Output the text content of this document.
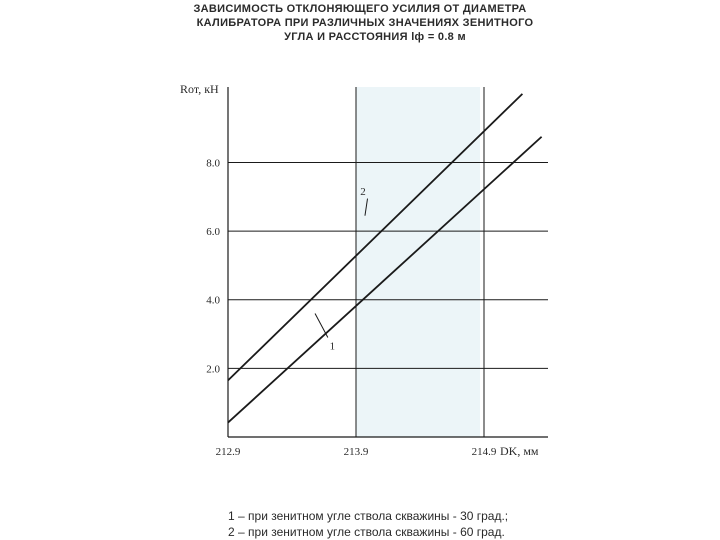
ЗАВИСИМОСТЬ ОТКЛОНЯЮЩЕГО УСИЛИЯ ОТ ДИАМЕТРА
КАЛИБРАТОРА ПРИ РАЗЛИЧНЫХ ЗНАЧЕНИЯХ ЗЕНИТНОГО
УГЛА И РАССТОЯНИЯ lф = 0.8 м
2.0
4.0
6.0
8.0
212.9	213.9	214.9
Rот, кН
DK, мм
2
1
1 – при зенитном угле ствола скважины - 30 град.;
2 – при зенитном угле ствола скважины - 60 град.
